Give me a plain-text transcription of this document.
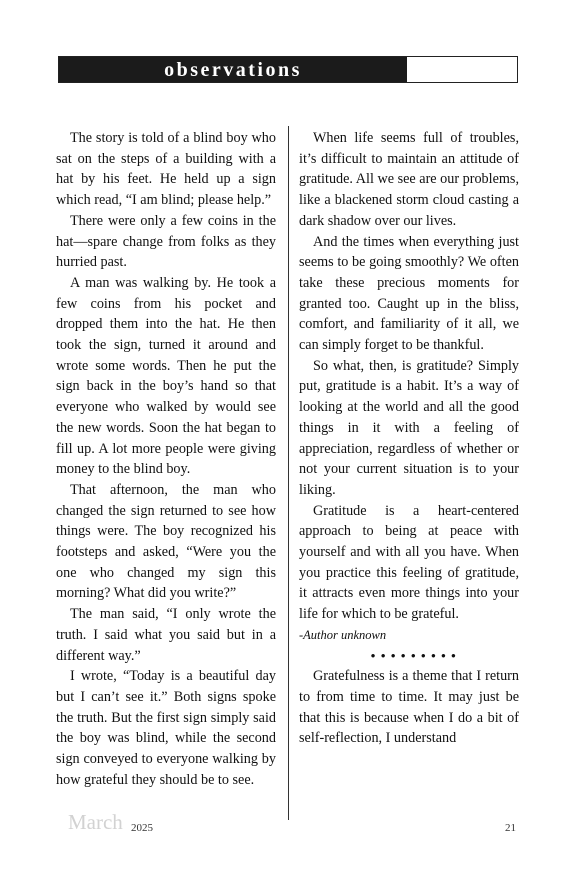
observations

The story is told of a blind boy who sat on the steps of a building with a hat by his feet. He held up a sign which read, “I am blind; please help.”

There were only a few coins in the hat—spare change from folks as they hurried past.

A man was walking by. He took a few coins from his pocket and dropped them into the hat. He then took the sign, turned it around and wrote some words. Then he put the sign back in the boy’s hand so that everyone who walked by would see the new words. Soon the hat began to fill up. A lot more people were giving money to the blind boy.

That afternoon, the man who changed the sign returned to see how things were. The boy recognized his footsteps and asked, “Were you the one who changed my sign this morning? What did you write?”

The man said, “I only wrote the truth. I said what you said but in a different way.”

I wrote, “Today is a beautiful day but I can’t see it.” Both signs spoke the truth. But the first sign simply said the boy was blind, while the second sign conveyed to everyone walking by how grateful they should be to see.

When life seems full of troubles, it’s difficult to maintain an attitude of gratitude. All we see are our problems, like a blackened storm cloud casting a dark shadow over our lives.

And the times when everything just seems to be going smoothly? We often take these precious moments for granted too. Caught up in the bliss, comfort, and familiarity of it all, we can simply forget to be thankful.

So what, then, is gratitude? Simply put, gratitude is a habit. It’s a way of looking at the world and all the good things in it with a feeling of appreciation, regardless of whether or not your current situation is to your liking.

Gratitude is a heart-centered approach to being at peace with yourself and with all you have. When you practice this feeling of gratitude, it attracts even more things into your life for which to be grateful.

-Author unknown

•••••••••

Gratefulness is a theme that I return to from time to time. It may just be that this is because when I do a bit of self-reflection, I understand

March 2025	21
